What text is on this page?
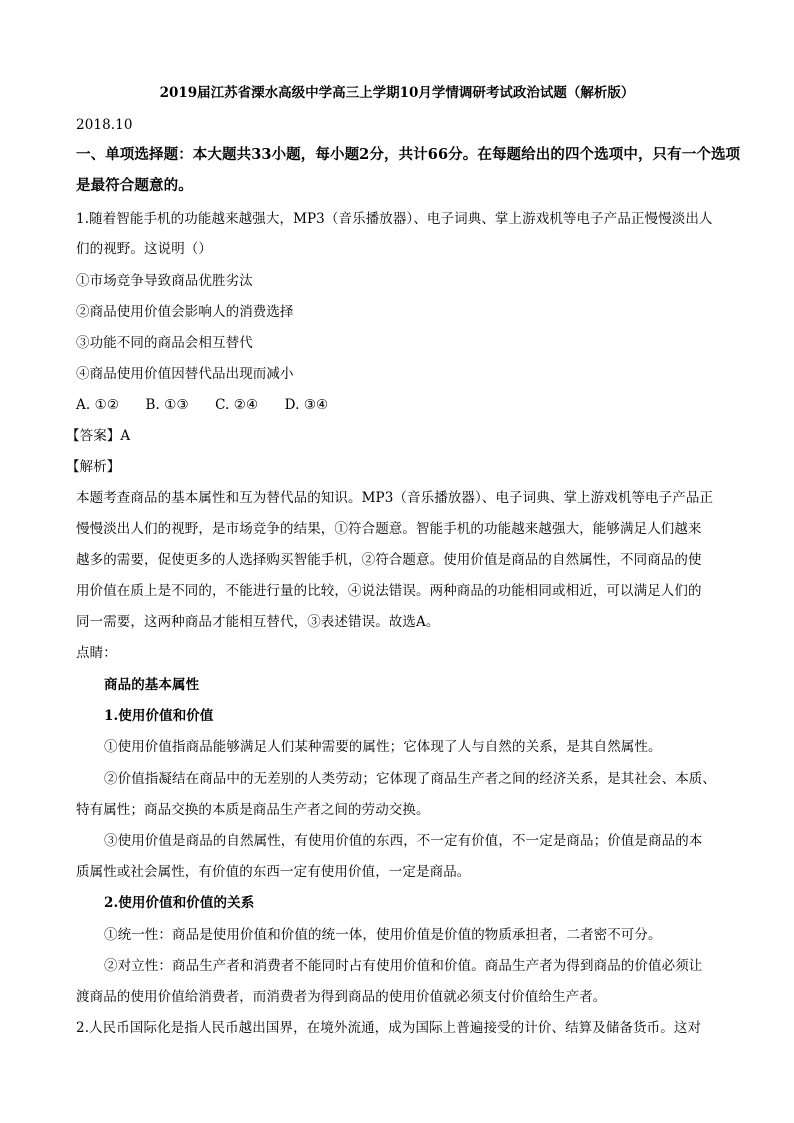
2019届江苏省溧水高级中学高三上学期10月学情调研考试政治试题（解析版）
2018.10
一、单项选择题：本大题共33小题，每小题2分，共计66分。在每题给出的四个选项中，只有一个选项
是最符合题意的。
1.随着智能手机的功能越来越强大，MP3（音乐播放器）、电子词典、掌上游戏机等电子产品正慢慢淡出人
们的视野。这说明（）
①市场竞争导致商品优胜劣汰
②商品使用价值会影响人的消费选择
③功能不同的商品会相互替代
④商品使用价值因替代品出现而减小
A. ①② B. ①③ C. ②④ D. ③④
【答案】A
【解析】
本题考查商品的基本属性和互为替代品的知识。MP3（音乐播放器）、电子词典、掌上游戏机等电子产品正
慢慢淡出人们的视野，是市场竞争的结果，①符合题意。智能手机的功能越来越强大，能够满足人们越来
越多的需要，促使更多的人选择购买智能手机，②符合题意。使用价值是商品的自然属性，不同商品的使
用价值在质上是不同的，不能进行量的比较，④说法错误。两种商品的功能相同或相近，可以满足人们的
同一需要，这两种商品才能相互替代，③表述错误。故选A。
点睛：
商品的基本属性
1.使用价值和价值
①使用价值指商品能够满足人们某种需要的属性；它体现了人与自然的关系，是其自然属性。
②价值指凝结在商品中的无差别的人类劳动；它体现了商品生产者之间的经济关系，是其社会、本质、
特有属性；商品交换的本质是商品生产者之间的劳动交换。
③使用价值是商品的自然属性，有使用价值的东西，不一定有价值，不一定是商品；价值是商品的本
质属性或社会属性，有价值的东西一定有使用价值，一定是商品。
2.使用价值和价值的关系
①统一性：商品是使用价值和价值的统一体，使用价值是价值的物质承担者，二者密不可分。
②对立性：商品生产者和消费者不能同时占有使用价值和价值。商品生产者为得到商品的价值必须让
渡商品的使用价值给消费者，而消费者为得到商品的使用价值就必须支付价值给生产者。
2.人民币国际化是指人民币越出国界，在境外流通，成为国际上普遍接受的计价、结算及储备货币。这对
